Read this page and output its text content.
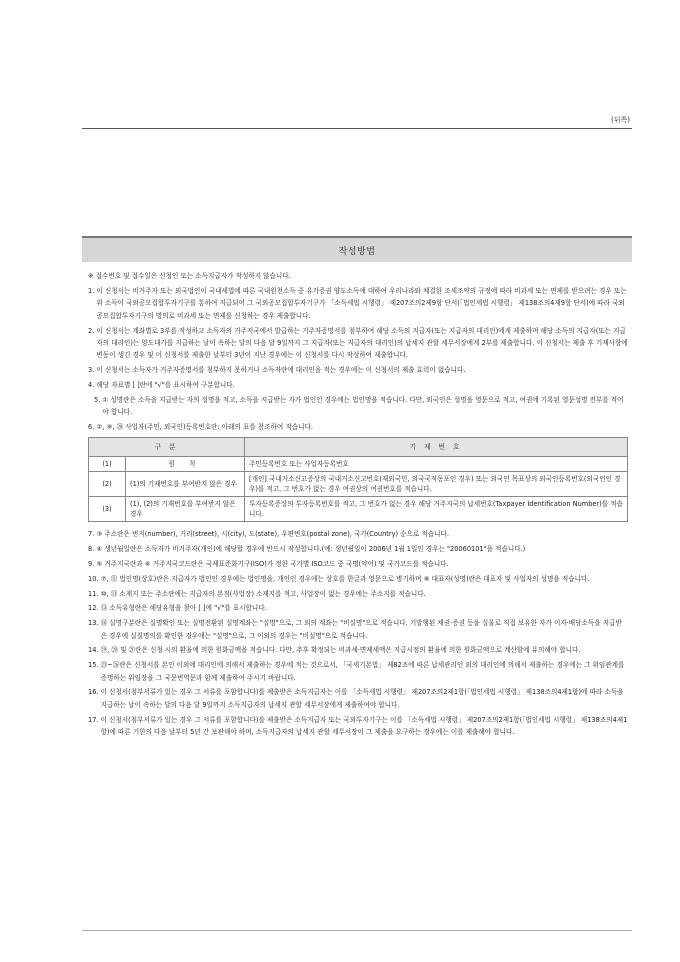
(뒤쪽)
작성방법

※ 접수번호 및 접수일은 신청인 또는 소득지급자가 작성하지 않습니다.

1. 이 신청서는 비거주자 또는 외국법인이 국내세법에 따른 국내원천소득 중 유가증권 양도소득에 대하여 우리나라와 체결한 조세조약의 규정에 따라 비과세 또는 면제를 받으려는 경우 또는 위 소득이 국외공모집합투자기구를 통하여 지급되어 그 국외공모집합투자기구가 「소득세법 시행령」 제207조의2제9항 단서(「법인세법 시행령」 제138조의4제9항 단서)에 따라 국외공모집합투자기구의 명의로 비과세 또는 면제를 신청하는 경우 제출합니다.
2. 이 신청서는 계좌별로 3부를 작성하고 소득자의 거주지국에서 발급하는 거주자증명서를 첨부하여 해당 소득의 지급자(또는 지급자의 대리인)에게 제출하며 해당 소득의 지급자(또는 지급자의 대리인)는 양도대가를 지급하는 날이 속하는 달의 다음 달 9일까지 그 지급자(또는 지급자의 대리인)의 납세지 관할 세무서장에게 2부를 제출합니다. 이 신청서는 제출 후 기재사항에 변동이 생긴 경우 및 이 신청서를 제출한 날부터 3년이 지난 경우에는 이 신청서를 다시 작성하여 제출합니다.
3. 이 신청서는 소득자가 거주자증명서를 첨부하지 못하거나 소득자란에 대리인을 적는 경우에는 이 신청서의 제출 효력이 없습니다.
4. 해당 자료별 [ ]란에 "√"를 표시하여 구분합니다.
5. ① 성명란은 소득을 지급받는 자의 성명을 적고, 소득을 지급받는 자가 법인인 경우에는 법인명을 적습니다. 다만, 외국인은 성명을 영문으로 적고, 여권에 기록된 영문성명 전부를 적어야 합니다.
6. ②, ⑨, ⑳ 사업자(주민, 외국인)등록번호란: 아래의 표를 참조하여 적습니다.
구 분		기 재 번 호
(1)	원 칙	주민등록번호 또는 사업자등록번호
(2)	(1)의 기재번호를 부여받지 않은 경우	[개인] 국내거소신고증상의 국내거소신고번호(재외국민, 외국국적동포인 경우) 또는 외국인 목표상의 외국인등록번호(외국인인 경우)를 적고, 그 번호가 없는 경우 여권상의 여권번호를 적습니다.
(3)	(1), (2)의 기재번호를 부여받지 않은 경우	투자등록증상의 투자등록번호를 적고, 그 번호가 없는 경우 해당 거주지국의 납세번호(Taxpayer Identification Number)를 적습니다.
7. ③ 주소란은 번지(number), 거리(street), 시(city), 도(state), 우편번호(postal zone), 국가(Country) 순으로 적습니다.
8. ④ 생년월일란은 소득자가 비거주자(개인)에 해당할 경우에 반드시 작성합니다.(예: 생년월일이 2006년 1월 1일인 경우는 "20060101"을 적습니다.)
9. ⑤ 거주지국란과 ⑥ 거주지국코드란은 국제표준화기구(ISO)가 정한 국가별 ISO코드 중 국명(약어) 및 국가코드를 적습니다.
10. ⑦, ⑪ 법인명(상호)란은 지급자가 법인인 경우에는 법인명을, 개인인 경우에는 상호를 한글과 영문으로 병기하며 ⑧ 대표자(성명)란은 대표자 및 사업자의 성명을 적습니다.
11. ⑩, ⑬ 소재지 또는 주소란에는 지급자의 본점(사업장) 소재지를 적고, 사업장이 없는 경우에는 주소지를 적습니다.
12. ⑭ 소득유형란은 해당유형을 찾아 [ ]에 "√"를 표시합니다.
13. ⑯ 실명구분란은 실명확인 또는 실명전환된 실명계좌는 "실명"으로, 그 외의 계좌는 "비실명"으로 적습니다. 기발행된 채권·증권 등을 실물로 직접 보유한 자가 이자·배당소득을 지급받은 경우에 실질명의를 확인한 경우에는 "실명"으로, 그 이외의 경우는 "비실명"으로 적습니다.
14. ⑲, ⑳ 및 ㉑란은 신청 시의 환율에 의한 원화금액을 적습니다. 다만, 추후 확정되는 비과세·면제세액은 지급시점의 환율에 의한 원화금액으로 계산함에 유의해야 합니다.
15. ㉓~㉖란은 신청서를 본인 이외에 대리인에 의해서 제출하는 경우에 적는 것으로서, 「국세기본법」 제82조에 따른 납세관리인 외의 대리인에 의해서 제출하는 경우에는 그 위임관계를 증명하는 위임장을 그 국문번역문과 함께 제출하여 주시기 바랍니다.
16. 이 신청서(첨부서류가 있는 경우 그 서류를 포함합니다)를 제출받은 소득지급자는 이를 「소득세법 시행령」 제207조의2제1항(「법인세법 시행령」 제138조의4제1항)에 따라 소득을 지급하는 날이 속하는 달의 다음 달 9일까지 소득지급자의 납세지 관할 세무서장에게 제출하여야 합니다.
17. 이 신청서(첨부서류가 있는 경우 그 서류를 포함합니다)를 제출받은 소득지급자 또는 국외투자기구는 이를 「소득세법 시행령」 제207조의2제1항(「법인세법 시행령」 제138조의4제1항)에 따른 기한의 다음 날부터 5년 간 보관해야 하며, 소득지급자의 납세지 관할 세무서장이 그 제출을 요구하는 경우에는 이를 제출해야 합니다.
